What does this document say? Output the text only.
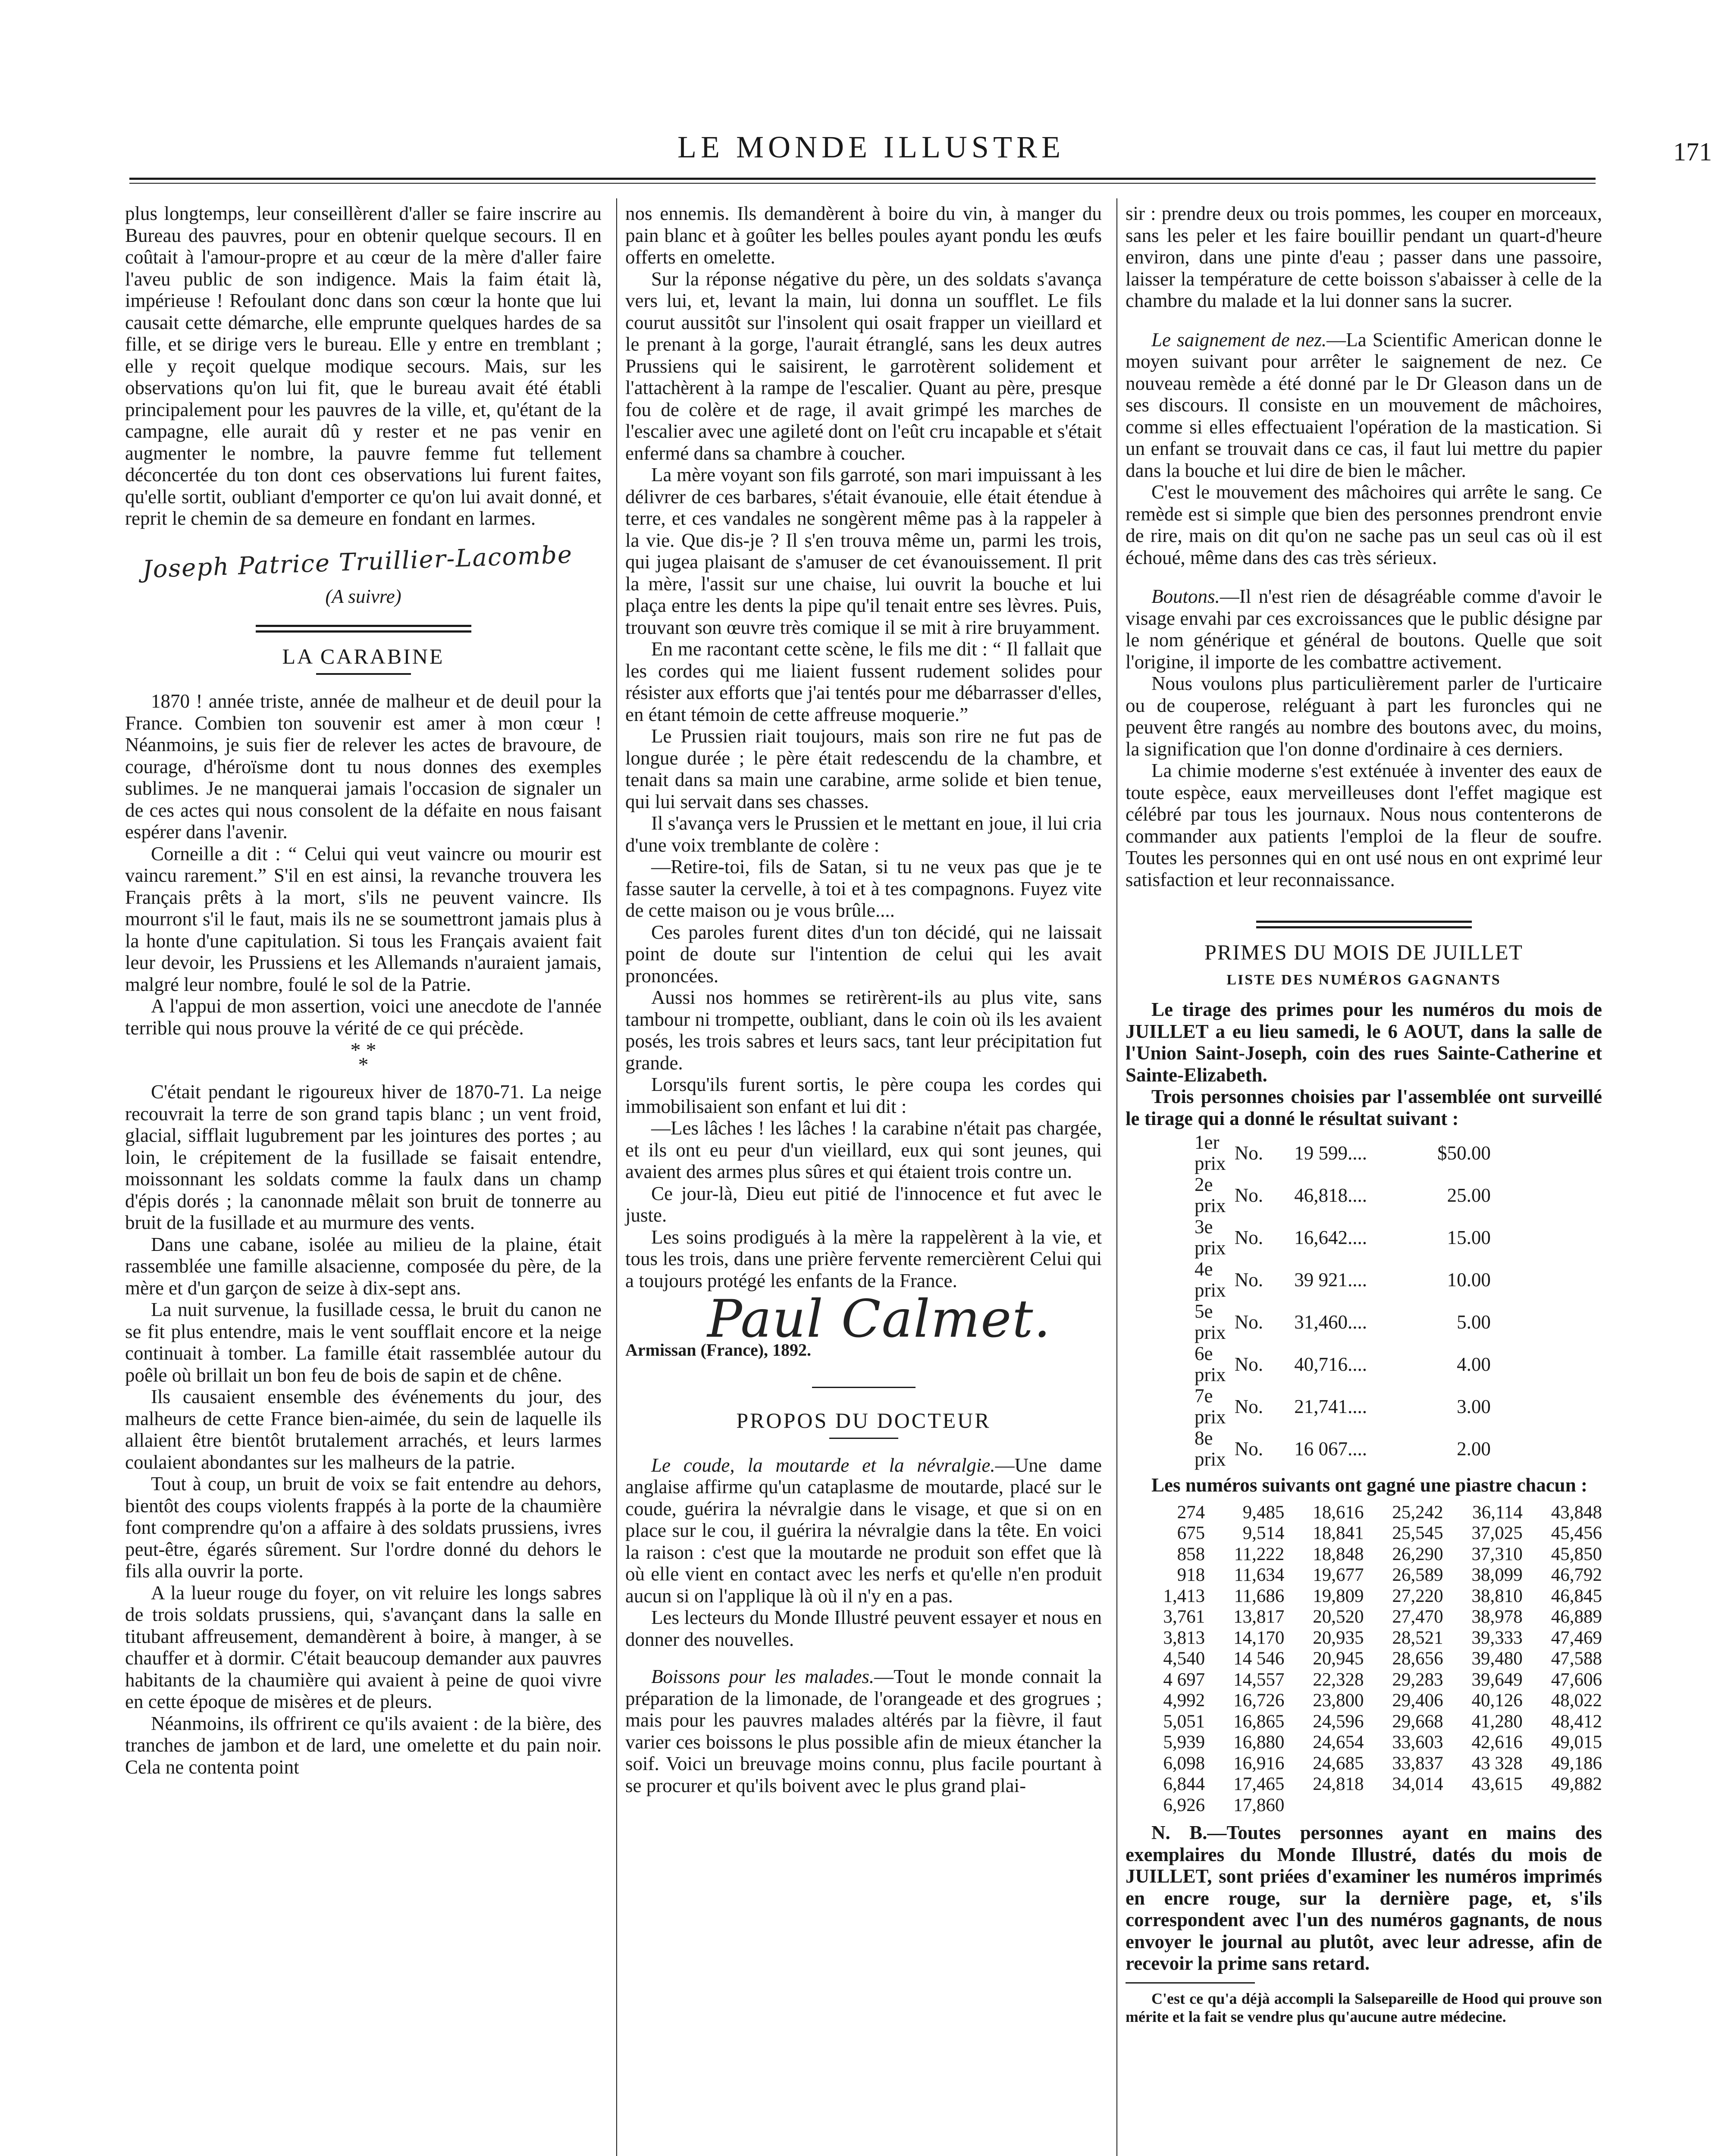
LE MONDE ILLUSTRE	171

plus longtemps, leur conseillèrent d'aller se faire inscrire au Bureau des pauvres, pour en obtenir quelque secours. Il en coûtait à l'amour-propre et au cœur de la mère d'aller faire l'aveu public de son indigence. Mais la faim était là, impérieuse ! Refoulant donc dans son cœur la honte que lui causait cette démarche, elle emprunte quelques hardes de sa fille, et se dirige vers le bureau. Elle y entre en tremblant ; elle y reçoit quelque modique secours. Mais, sur les observations qu'on lui fit, que le bureau avait été établi principalement pour les pauvres de la ville, et, qu'étant de la campagne, elle aurait dû y rester et ne pas venir en augmenter le nombre, la pauvre femme fut tellement déconcertée du ton dont ces observations lui furent faites, qu'elle sortit, oubliant d'emporter ce qu'on lui avait donné, et reprit le chemin de sa demeure en fondant en larmes.

Joseph Patrice Truillier-Lacombe
(A suivre)
LA CARABINE

1870 ! année triste, année de malheur et de deuil pour la France. Combien ton souvenir est amer à mon cœur ! Néanmoins, je suis fier de relever les actes de bravoure, de courage, d'héroïsme dont tu nous donnes des exemples sublimes. Je ne manquerai jamais l'occasion de signaler un de ces actes qui nous consolent de la défaite en nous faisant espérer dans l'avenir.

Corneille a dit : “ Celui qui veut vaincre ou mourir est vaincu rarement.” S'il en est ainsi, la revanche trouvera les Français prêts à la mort, s'ils ne peuvent vaincre. Ils mourront s'il le faut, mais ils ne se soumettront jamais plus à la honte d'une capitulation. Si tous les Français avaient fait leur devoir, les Prussiens et les Allemands n'auraient jamais, malgré leur nombre, foulé le sol de la Patrie.

A l'appui de mon assertion, voici une anecdote de l'année terrible qui nous prouve la vérité de ce qui précède.

* *
*

C'était pendant le rigoureux hiver de 1870-71. La neige recouvrait la terre de son grand tapis blanc ; un vent froid, glacial, sifflait lugubrement par les jointures des portes ; au loin, le crépitement de la fusillade se faisait entendre, moissonnant les soldats comme la faulx dans un champ d'épis dorés ; la canonnade mêlait son bruit de tonnerre au bruit de la fusillade et au murmure des vents.

Dans une cabane, isolée au milieu de la plaine, était rassemblée une famille alsacienne, composée du père, de la mère et d'un garçon de seize à dix-sept ans.

La nuit survenue, la fusillade cessa, le bruit du canon ne se fit plus entendre, mais le vent soufflait encore et la neige continuait à tomber. La famille était rassemblée autour du poêle où brillait un bon feu de bois de sapin et de chêne.

Ils causaient ensemble des événements du jour, des malheurs de cette France bien-aimée, du sein de laquelle ils allaient être bientôt brutalement arrachés, et leurs larmes coulaient abondantes sur les malheurs de la patrie.

Tout à coup, un bruit de voix se fait entendre au dehors, bientôt des coups violents frappés à la porte de la chaumière font comprendre qu'on a affaire à des soldats prussiens, ivres peut-être, égarés sûrement. Sur l'ordre donné du dehors le fils alla ouvrir la porte.

A la lueur rouge du foyer, on vit reluire les longs sabres de trois soldats prussiens, qui, s'avançant dans la salle en titubant affreusement, demandèrent à boire, à manger, à se chauffer et à dormir. C'était beaucoup demander aux pauvres habitants de la chaumière qui avaient à peine de quoi vivre en cette époque de misères et de pleurs.

Néanmoins, ils offrirent ce qu'ils avaient : de la bière, des tranches de jambon et de lard, une omelette et du pain noir. Cela ne contenta point

nos ennemis. Ils demandèrent à boire du vin, à manger du pain blanc et à goûter les belles poules ayant pondu les œufs offerts en omelette.

Sur la réponse négative du père, un des soldats s'avança vers lui, et, levant la main, lui donna un soufflet. Le fils courut aussitôt sur l'insolent qui osait frapper un vieillard et le prenant à la gorge, l'aurait étranglé, sans les deux autres Prussiens qui le saisirent, le garrotèrent solidement et l'attachèrent à la rampe de l'escalier. Quant au père, presque fou de colère et de rage, il avait grimpé les marches de l'escalier avec une agileté dont on l'eût cru incapable et s'était enfermé dans sa chambre à coucher.

La mère voyant son fils garroté, son mari impuissant à les délivrer de ces barbares, s'était évanouie, elle était étendue à terre, et ces vandales ne songèrent même pas à la rappeler à la vie. Que dis-je ? Il s'en trouva même un, parmi les trois, qui jugea plaisant de s'amuser de cet évanouissement. Il prit la mère, l'assit sur une chaise, lui ouvrit la bouche et lui plaça entre les dents la pipe qu'il tenait entre ses lèvres. Puis, trouvant son œuvre très comique il se mit à rire bruyamment.

En me racontant cette scène, le fils me dit : “ Il fallait que les cordes qui me liaient fussent rudement solides pour résister aux efforts que j'ai tentés pour me débarrasser d'elles, en étant témoin de cette affreuse moquerie.”

Le Prussien riait toujours, mais son rire ne fut pas de longue durée ; le père était redescendu de la chambre, et tenait dans sa main une carabine, arme solide et bien tenue, qui lui servait dans ses chasses.

Il s'avança vers le Prussien et le mettant en joue, il lui cria d'une voix tremblante de colère :

—Retire-toi, fils de Satan, si tu ne veux pas que je te fasse sauter la cervelle, à toi et à tes compagnons. Fuyez vite de cette maison ou je vous brûle....

Ces paroles furent dites d'un ton décidé, qui ne laissait point de doute sur l'intention de celui qui les avait prononcées.

Aussi nos hommes se retirèrent-ils au plus vite, sans tambour ni trompette, oubliant, dans le coin où ils les avaient posés, les trois sabres et leurs sacs, tant leur précipitation fut grande.

Lorsqu'ils furent sortis, le père coupa les cordes qui immobilisaient son enfant et lui dit :

—Les lâches ! les lâches ! la carabine n'était pas chargée, et ils ont eu peur d'un vieillard, eux qui sont jeunes, qui avaient des armes plus sûres et qui étaient trois contre un.

Ce jour-là, Dieu eut pitié de l'innocence et fut avec le juste.

Les soins prodigués à la mère la rappelèrent à la vie, et tous les trois, dans une prière fervente remercièrent Celui qui a toujours protégé les enfants de la France.

Paul Calmet.

Armissan (France), 1892.

PROPOS DU DOCTEUR

Le coude, la moutarde et la névralgie.—Une dame anglaise affirme qu'un cataplasme de moutarde, placé sur le coude, guérira la névralgie dans le visage, et que si on en place sur le cou, il guérira la névralgie dans la tête. En voici la raison : c'est que la moutarde ne produit son effet que là où elle vient en contact avec les nerfs et qu'elle n'en produit aucun si on l'applique là où il n'y en a pas.

Les lecteurs du Monde Illustré peuvent essayer et nous en donner des nouvelles.

Boissons pour les malades.—Tout le monde connait la préparation de la limonade, de l'orangeade et des grogrues ; mais pour les pauvres malades altérés par la fièvre, il faut varier ces boissons le plus possible afin de mieux étancher la soif. Voici un breuvage moins connu, plus facile pourtant à se procurer et qu'ils boivent avec le plus grand plai-

sir : prendre deux ou trois pommes, les couper en morceaux, sans les peler et les faire bouillir pendant un quart-d'heure environ, dans une pinte d'eau ; passer dans une passoire, laisser la température de cette boisson s'abaisser à celle de la chambre du malade et la lui donner sans la sucrer.

Le saignement de nez.—La Scientific American donne le moyen suivant pour arrêter le saignement de nez. Ce nouveau remède a été donné par le Dr Gleason dans un de ses discours. Il consiste en un mouvement de mâchoires, comme si elles effectuaient l'opération de la mastication. Si un enfant se trouvait dans ce cas, il faut lui mettre du papier dans la bouche et lui dire de bien le mâcher.

C'est le mouvement des mâchoires qui arrête le sang. Ce remède est si simple que bien des personnes prendront envie de rire, mais on dit qu'on ne sache pas un seul cas où il est échoué, même dans des cas très sérieux.

Boutons.—Il n'est rien de désagréable comme d'avoir le visage envahi par ces excroissances que le public désigne par le nom générique et général de boutons. Quelle que soit l'origine, il importe de les combattre activement.

Nous voulons plus particulièrement parler de l'urticaire ou de couperose, reléguant à part les furoncles qui ne peuvent être rangés au nombre des boutons avec, du moins, la signification que l'on donne d'ordinaire à ces derniers.

La chimie moderne s'est exténuée à inventer des eaux de toute espèce, eaux merveilleuses dont l'effet magique est célébré par tous les journaux. Nous nous contenterons de commander aux patients l'emploi de la fleur de soufre. Toutes les personnes qui en ont usé nous en ont exprimé leur satisfaction et leur reconnaissance.

PRIMES DU MOIS DE JUILLET
LISTE DES NUMÉROS GAGNANTS

Le tirage des primes pour les numéros du mois de JUILLET a eu lieu samedi, le 6 AOUT, dans la salle de l'Union Saint-Joseph, coin des rues Sainte-Catherine et Sainte-Elizabeth.

Trois personnes choisies par l'assemblée ont surveillé le tirage qui a donné le résultat suivant :

1er prix	No.	19 599....	$50.00
2e prix	No.	46,818....	25.00
3e prix	No.	16,642....	15.00
4e prix	No.	39 921....	10.00
5e prix	No.	31,460....	5.00
6e prix	No.	40,716....	4.00
7e prix	No.	21,741....	3.00
8e prix	No.	16 067....	2.00

Les numéros suivants ont gagné une piastre chacun :

274	9,485	18,616	25,242	36,114	43,848
675	9,514	18,841	25,545	37,025	45,456
858	11,222	18,848	26,290	37,310	45,850
918	11,634	19,677	26,589	38,099	46,792
1,413	11,686	19,809	27,220	38,810	46,845
3,761	13,817	20,520	27,470	38,978	46,889
3,813	14,170	20,935	28,521	39,333	47,469
4,540	14 546	20,945	28,656	39,480	47,588
4 697	14,557	22,328	29,283	39,649	47,606
4,992	16,726	23,800	29,406	40,126	48,022
5,051	16,865	24,596	29,668	41,280	48,412
5,939	16,880	24,654	33,603	42,616	49,015
6,098	16,916	24,685	33,837	43 328	49,186
6,844	17,465	24,818	34,014	43,615	49,882
6,926	17,860				

N. B.—Toutes personnes ayant en mains des exemplaires du Monde Illustré, datés du mois de JUILLET, sont priées d'examiner les numéros imprimés en encre rouge, sur la dernière page, et, s'ils correspondent avec l'un des numéros gagnants, de nous envoyer le journal au plutôt, avec leur adresse, afin de recevoir la prime sans retard.

C'est ce qu'a déjà accompli la Salsepareille de Hood qui prouve son mérite et la fait se vendre plus qu'aucune autre médecine.
